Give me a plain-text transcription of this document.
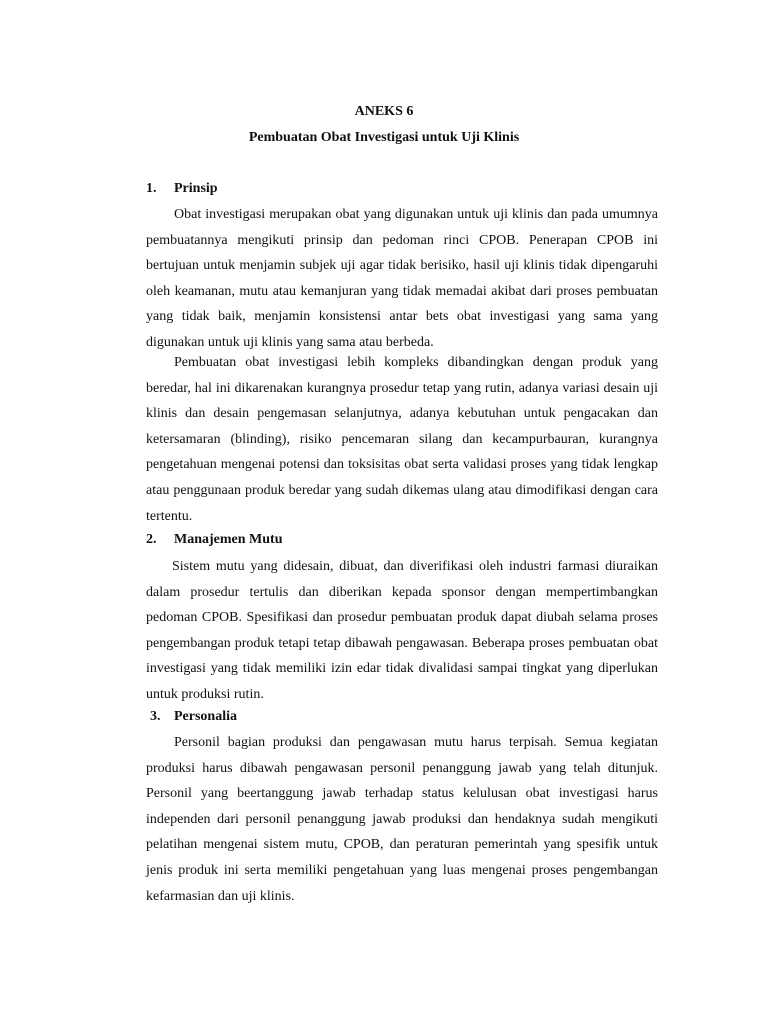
ANEKS 6
Pembuatan Obat Investigasi untuk Uji Klinis
1. Prinsip

Obat investigasi merupakan obat yang digunakan untuk uji klinis dan pada umumnya pembuatannya mengikuti prinsip dan pedoman rinci CPOB. Penerapan CPOB ini bertujuan untuk menjamin subjek uji agar tidak berisiko, hasil uji klinis tidak dipengaruhi oleh keamanan, mutu atau kemanjuran yang tidak memadai akibat dari proses pembuatan yang tidak baik, menjamin konsistensi antar bets obat investigasi yang sama yang digunakan untuk uji klinis yang sama atau berbeda.

Pembuatan obat investigasi lebih kompleks dibandingkan dengan produk yang beredar, hal ini dikarenakan kurangnya prosedur tetap yang rutin, adanya variasi desain uji klinis dan desain pengemasan selanjutnya, adanya kebutuhan untuk pengacakan dan ketersamaran (blinding), risiko pencemaran silang dan kecampurbauran, kurangnya pengetahuan mengenai potensi dan toksisitas obat serta validasi proses yang tidak lengkap atau penggunaan produk beredar yang sudah dikemas ulang atau dimodifikasi dengan cara tertentu.

2. Manajemen Mutu

Sistem mutu yang didesain, dibuat, dan diverifikasi oleh industri farmasi diuraikan dalam prosedur tertulis dan diberikan kepada sponsor dengan mempertimbangkan pedoman CPOB. Spesifikasi dan prosedur pembuatan produk dapat diubah selama proses pengembangan produk tetapi tetap dibawah pengawasan. Beberapa proses pembuatan obat investigasi yang tidak memiliki izin edar tidak divalidasi sampai tingkat yang diperlukan untuk produksi rutin.

3. Personalia

Personil bagian produksi dan pengawasan mutu harus terpisah. Semua kegiatan produksi harus dibawah pengawasan personil penanggung jawab yang telah ditunjuk. Personil yang beertanggung jawab terhadap status kelulusan obat investigasi harus independen dari personil penanggung jawab produksi dan hendaknya sudah mengikuti pelatihan mengenai sistem mutu, CPOB, dan peraturan pemerintah yang spesifik untuk jenis produk ini serta memiliki pengetahuan yang luas mengenai proses pengembangan kefarmasian dan uji klinis.
